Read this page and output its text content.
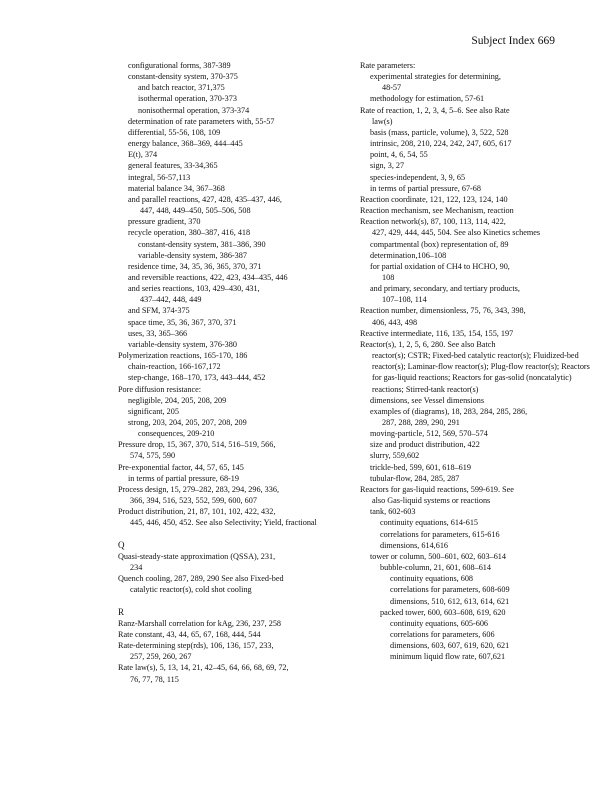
Subject Index 669
configurational forms, 387-389
constant-density system, 370-375
and batch reactor, 371,375
isothermal operation, 370-373
nonisothermal operation, 373-374
determination of rate parameters with, 55-57
differential, 55-56, 108, 109
energy balance, 368–369, 444–445
E(t), 374
general features, 33-34,365
integral, 56-57,113
material balance 34, 367–368
and parallel reactions, 427, 428, 435–437, 446,
447, 448, 449–450, 505–506, 508
pressure gradient, 370
recycle operation, 380–387, 416, 418
constant-density system, 381–386, 390
variable-density system, 386-387
residence time, 34, 35, 36, 365, 370, 371
and reversible reactions, 422, 423, 434–435, 446
and series reactions, 103, 429–430, 431,
437–442, 448, 449
and SFM, 374-375
space time, 35, 36, 367, 370, 371
uses, 33, 365–366
variable-density system, 376-380
Polymerization reactions, 165-170, 186
chain-reaction, 166-167,172
step-change, 168–170, 173, 443–444, 452
Pore diffusion resistance:
negligible, 204, 205, 208, 209
significant, 205
strong, 203, 204, 205, 207, 208, 209
consequences, 209-210
Pressure drop, 15, 367, 370, 514, 516–519, 566,
574, 575, 590
Pre-exponential factor, 44, 57, 65, 145
in terms of partial pressure, 68-19
Process design, 15, 279–282, 283, 294, 296, 336,
366, 394, 516, 523, 552, 599, 600, 607
Product distribution, 21, 87, 101, 102, 422, 432,
445, 446, 450, 452. See also Selectivity; Yield, fractional
Q
Quasi-steady-state approximation (QSSA), 231,
234
Quench cooling, 287, 289, 290 See also Fixed-bed
catalytic reactor(s), cold shot cooling
R
Ranz-Marshall correlation for kAg, 236, 237, 258
Rate constant, 43, 44, 65, 67, 168, 444, 544
Rate-determining step(rds), 106, 136, 157, 233,
257, 259, 260, 267
Rate law(s), 5, 13, 14, 21, 42–45, 64, 66, 68, 69, 72,
76, 77, 78, 115
Rate parameters:
experimental strategies for determining,
48-57
methodology for estimation, 57-61
Rate of reaction, 1, 2, 3, 4, 5–6. See also Rate
law(s)
basis (mass, particle, volume), 3, 522, 528
intrinsic, 208, 210, 224, 242, 247, 605, 617
point, 4, 6, 54, 55
sign, 3, 27
species-independent, 3, 9, 65
in terms of partial pressure, 67-68
Reaction coordinate, 121, 122, 123, 124, 140
Reaction mechanism, see Mechanism, reaction
Reaction network(s), 87, 100, 113, 114, 422,
427, 429, 444, 445, 504. See also Kinetics schemes
compartmental (box) representation of, 89
determination,106–108
for partial oxidation of CH4 to HCHO, 90,
108
and primary, secondary, and tertiary products,
107–108, 114
Reaction number, dimensionless, 75, 76, 343, 398,
406, 443, 498
Reactive intermediate, 116, 135, 154, 155, 197
Reactor(s), 1, 2, 5, 6, 280. See also Batch
reactor(s); CSTR; Fixed-bed catalytic reactor(s); Fluidized-bed reactor(s); Laminar-flow reactor(s); Plug-flow reactor(s); Reactors for gas-liquid reactions; Reactors for gas-solid (noncatalytic) reactions; Stirred-tank reactor(s)
dimensions, see Vessel dimensions
examples of (diagrams), 18, 283, 284, 285, 286,
287, 288, 289, 290, 291
moving-particle, 512, 569, 570–574
size and product distribution, 422
slurry, 559,602
trickle-bed, 599, 601, 618–619
tubular-flow, 284, 285, 287
Reactors for gas-liquid reactions, 599-619. See
also Gas-liquid systems or reactions
tank, 602-603
continuity equations, 614-615
correlations for parameters, 615-616
dimensions, 614,616
tower or column, 500–601, 602, 603–614
bubble-column, 21, 601, 608–614
continuity equations, 608
correlations for parameters, 608-609
dimensions, 510, 612, 613, 614, 621
packed tower, 600, 603–608, 619, 620
continuity equations, 605-606
correlations for parameters, 606
dimensions, 603, 607, 619, 620, 621
minimum liquid flow rate, 607,621
